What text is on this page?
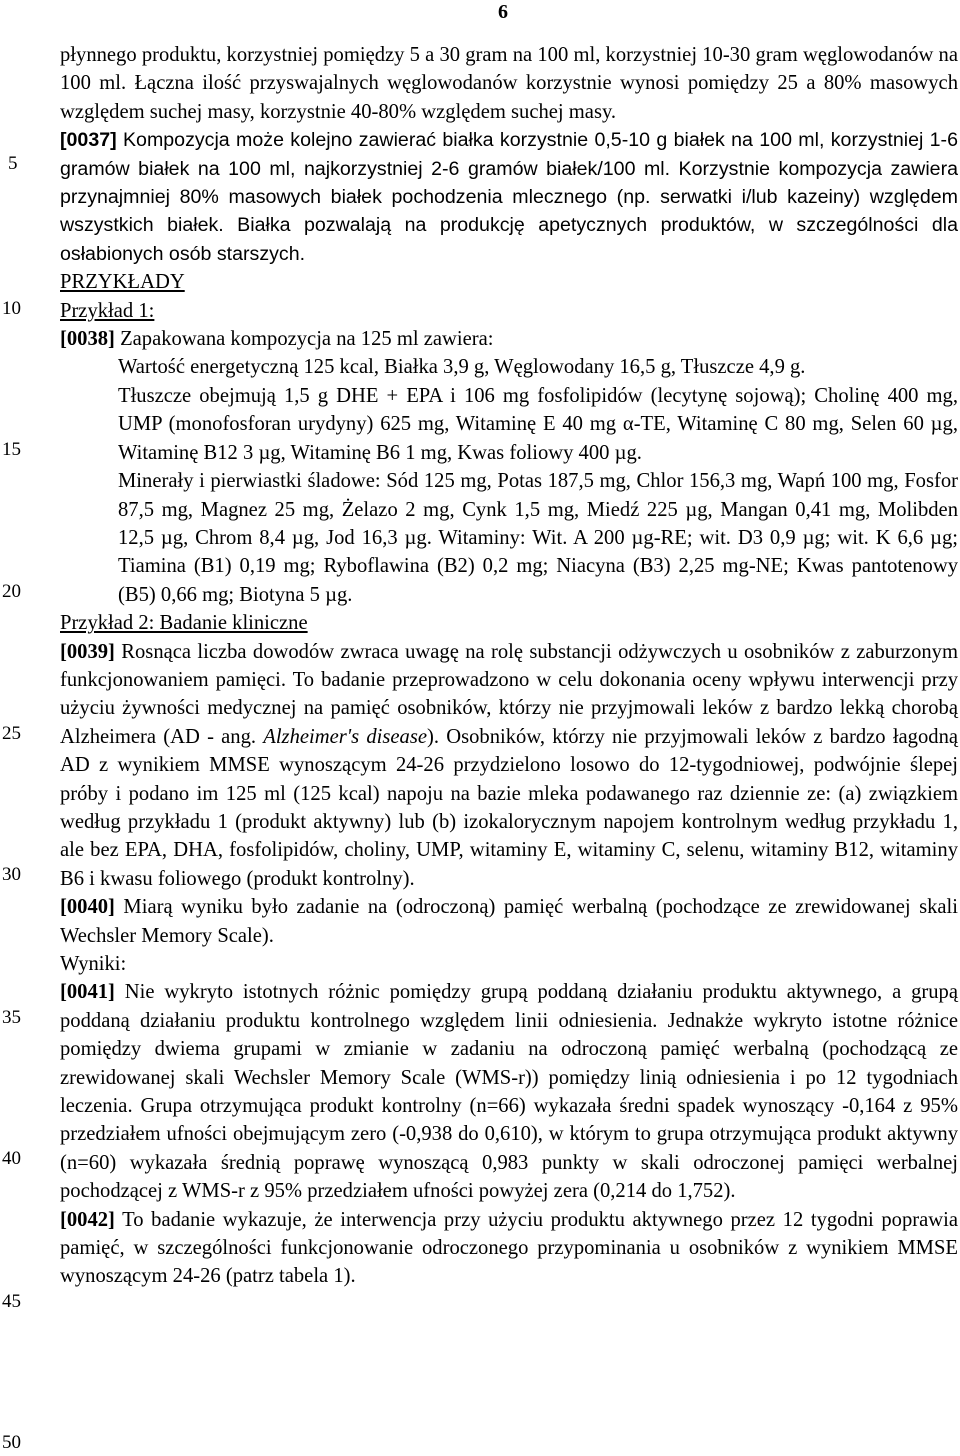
6
5
10
15
20
25
30
35
40
45
50

płynnego produktu, korzystniej pomiędzy 5 a 30 gram na 100 ml, korzystniej 10-30 gram węglowodanów na 100 ml. Łączna ilość przyswajalnych węglowodanów korzystnie wynosi pomiędzy 25 a 80% masowych względem suchej masy, korzystnie 40-80% względem suchej masy.

[0037] Kompozycja może kolejno zawierać białka korzystnie 0,5-10 g białek na 100 ml, korzystniej 1-6 gramów białek na 100 ml, najkorzystniej 2-6 gramów białek/100 ml. Korzystnie kompozycja zawiera przynajmniej 80% masowych białek pochodzenia mlecznego (np. serwatki i/lub kazeiny) względem wszystkich białek. Białka pozwalają na produkcję apetycznych produktów, w szczególności dla osłabionych osób starszych.

PRZYKŁADY

Przykład 1:

[0038] Zapakowana kompozycja na 125 ml zawiera:

Wartość energetyczną 125 kcal, Białka 3,9 g, Węglowodany 16,5 g, Tłuszcze 4,9 g.

Tłuszcze obejmują 1,5 g DHE + EPA i 106 mg fosfolipidów (lecytynę sojową); Cholinę 400 mg, UMP (monofosforan urydyny) 625 mg, Witaminę E 40 mg α-TE, Witaminę C 80 mg, Selen 60 µg, Witaminę B12 3 µg, Witaminę B6 1 mg, Kwas foliowy 400 µg.

Minerały i pierwiastki śladowe: Sód 125 mg, Potas 187,5 mg, Chlor 156,3 mg, Wapń 100 mg, Fosfor 87,5 mg, Magnez 25 mg, Żelazo 2 mg, Cynk 1,5 mg, Miedź 225 µg, Mangan 0,41 mg, Molibden 12,5 µg, Chrom 8,4 µg, Jod 16,3 µg. Witaminy: Wit. A 200 µg-RE; wit. D3 0,9 µg; wit. K 6,6 µg; Tiamina (B1) 0,19 mg; Ryboflawina (B2) 0,2 mg; Niacyna (B3) 2,25 mg-NE; Kwas pantotenowy (B5) 0,66 mg; Biotyna 5 µg.

Przykład 2: Badanie kliniczne

[0039] Rosnąca liczba dowodów zwraca uwagę na rolę substancji odżywczych u osobników z zaburzonym funkcjonowaniem pamięci. To badanie przeprowadzono w celu dokonania oceny wpływu interwencji przy użyciu żywności medycznej na pamięć osobników, którzy nie przyjmowali leków z bardzo lekką chorobą Alzheimera (AD - ang. Alzheimer's disease). Osobników, którzy nie przyjmowali leków z bardzo łagodną AD z wynikiem MMSE wynoszącym 24-26 przydzielono losowo do 12-tygodniowej, podwójnie ślepej próby i podano im 125 ml (125 kcal) napoju na bazie mleka podawanego raz dziennie ze: (a) związkiem według przykładu 1 (produkt aktywny) lub (b) izokalorycznym napojem kontrolnym według przykładu 1, ale bez EPA, DHA, fosfolipidów, choliny, UMP, witaminy E, witaminy C, selenu, witaminy B12, witaminy B6 i kwasu foliowego (produkt kontrolny).

[0040] Miarą wyniku było zadanie na (odroczoną) pamięć werbalną (pochodzące ze zrewidowanej skali Wechsler Memory Scale).

Wyniki:

[0041] Nie wykryto istotnych różnic pomiędzy grupą poddaną działaniu produktu aktywnego, a grupą poddaną działaniu produktu kontrolnego względem linii odniesienia. Jednakże wykryto istotne różnice pomiędzy dwiema grupami w zmianie w zadaniu na odroczoną pamięć werbalną (pochodzącą ze zrewidowanej skali Wechsler Memory Scale (WMS-r)) pomiędzy linią odniesienia i po 12 tygodniach leczenia. Grupa otrzymująca produkt kontrolny (n=66) wykazała średni spadek wynoszący -0,164 z 95% przedziałem ufności obejmującym zero (-0,938 do 0,610), w którym to grupa otrzymująca produkt aktywny (n=60) wykazała średnią poprawę wynoszącą 0,983 punkty w skali odroczonej pamięci werbalnej pochodzącej z WMS-r z 95% przedziałem ufności powyżej zera (0,214 do 1,752).

[0042] To badanie wykazuje, że interwencja przy użyciu produktu aktywnego przez 12 tygodni poprawia pamięć, w szczególności funkcjonowanie odroczonego przypominania u osobników z wynikiem MMSE wynoszącym 24-26 (patrz tabela 1).
